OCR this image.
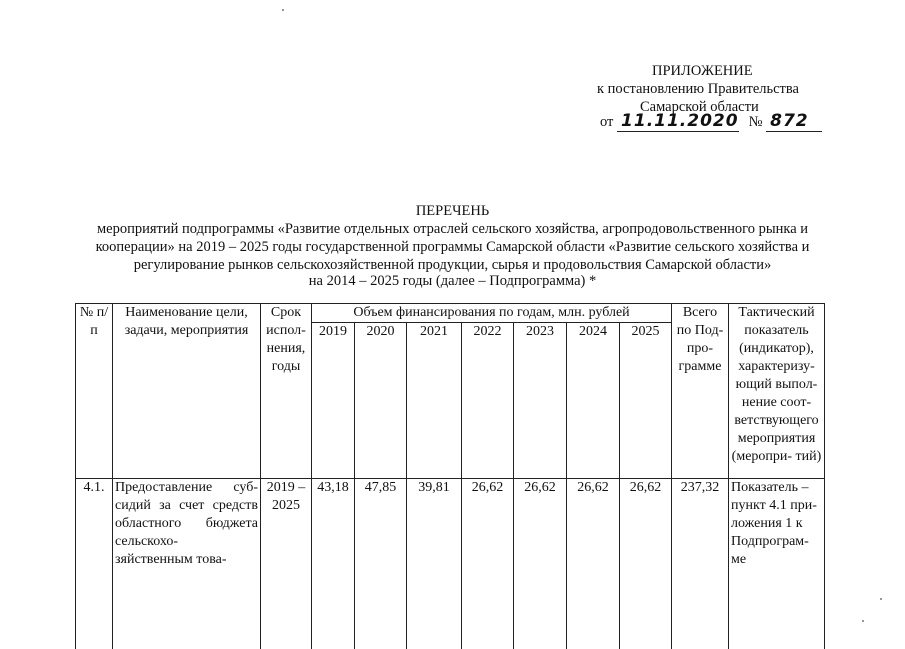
ПРИЛОЖЕНИЕ
к постановлению Правительства
Самарской области
от 11.11.2020 № 872
ПЕРЕЧЕНЬ
мероприятий подпрограммы «Развитие отдельных отраслей сельского хозяйства, агропродовольственного рынка и
кооперации» на 2019 – 2025 годы государственной программы Самарской области «Развитие сельского хозяйства и
регулирование рынков сельскохозяйственной продукции, сырья и продовольствия Самарской области»
на 2014 – 2025 годы (далее – Подпрограмма) *
№ п/п	Наименование цели, задачи, мероприятия	Срок испол- нения, годы	Объем финансирования по годам, млн. рублей							Всего по Под- про- грамме	Тактический показатель (индикатор), характеризу- ющий выпол- нение соот- ветствующего мероприятия (меропри- тий)
			2019	2020	2021	2022	2023	2024	2025		
4.1.	Предоставление суб- сидий за счет средств областного бюджета сельскохо- зяйственным това-	2019 – 2025	43,18	47,85	39,81	26,62	26,62	26,62	26,62	237,32	Показатель – пункт 4.1 при- ложения 1 к Подпрограм- ме
